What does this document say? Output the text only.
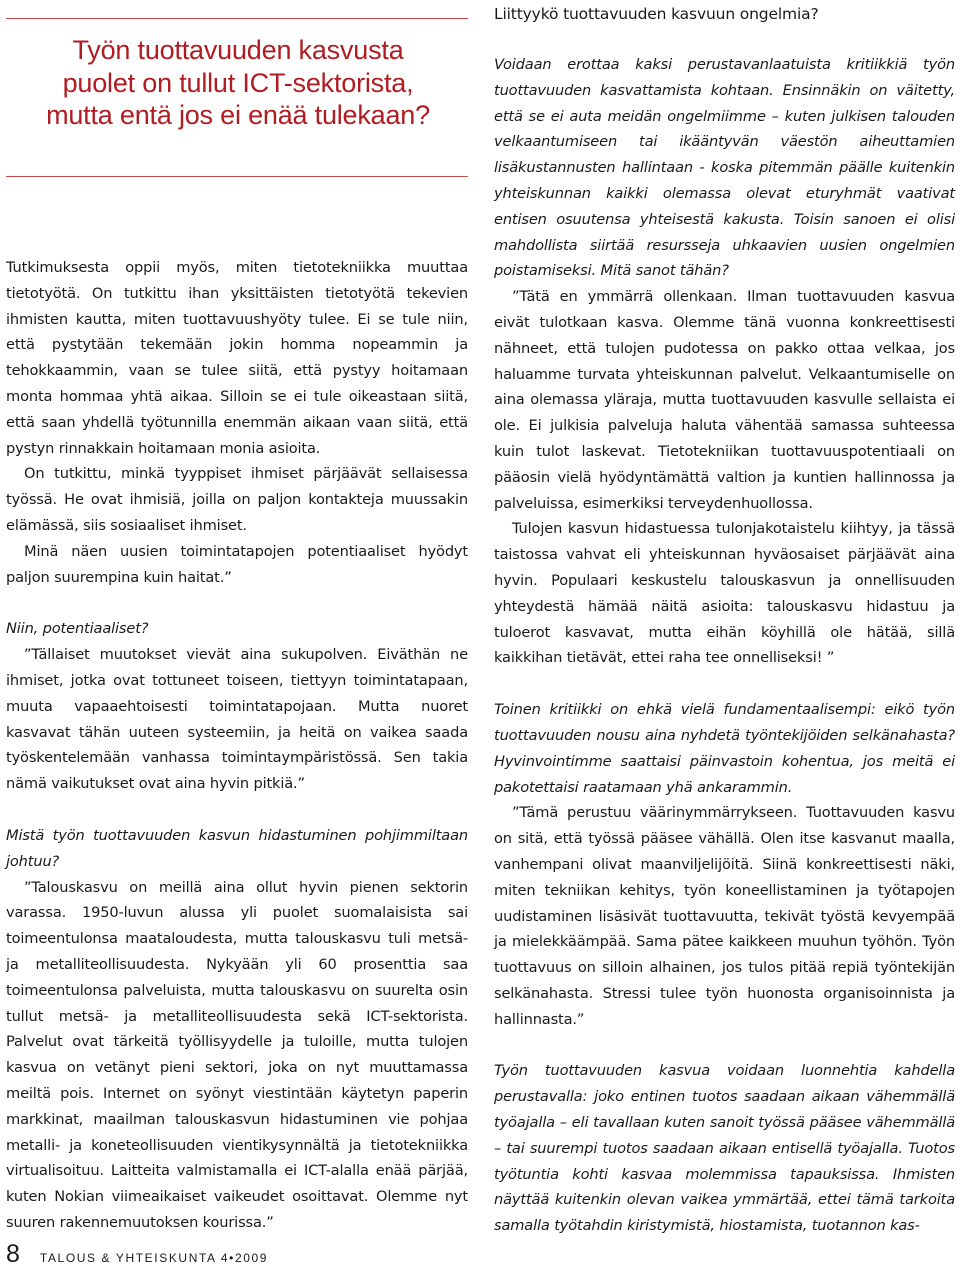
Työn tuottavuuden kasvusta puolet on tullut ICT-sektorista, mutta entä jos ei enää tulekaan?

Tutkimuksesta oppii myös, miten tietotekniikka muuttaa tietotyötä. On tutkittu ihan yksittäisten tietotyötä tekevien ihmisten kautta, miten tuottavuushyöty tulee. Ei se tule niin, että pystytään tekemään jokin homma nopeammin ja tehokkaammin, vaan se tulee siitä, että pystyy hoitamaan monta hommaa yhtä aikaa. Silloin se ei tule oikeastaan siitä, että saan yhdellä työtunnilla enemmän aikaan vaan siitä, että pystyn rinnakkain hoitamaan monia asioita.

On tutkittu, minkä tyyppiset ihmiset pärjäävät sellaisessa työssä. He ovat ihmisiä, joilla on paljon kontakteja muussakin elämässä, siis sosiaaliset ihmiset.

Minä näen uusien toimintatapojen potentiaaliset hyödyt paljon suurempina kuin haitat.”

Niin, potentiaaliset?

”Tällaiset muutokset vievät aina sukupolven. Eiväthän ne ihmiset, jotka ovat tottuneet toiseen, tiettyyn toimintatapaan, muuta vapaaehtoisesti toimintatapojaan. Mutta nuoret kasvavat tähän uuteen systeemiin, ja heitä on vaikea saada työskentelemään vanhassa toimintaympäristössä. Sen takia nämä vaikutukset ovat aina hyvin pitkiä.”

Mistä työn tuottavuuden kasvun hidastuminen pohjimmiltaan johtuu?

”Talouskasvu on meillä aina ollut hyvin pienen sektorin varassa. 1950-luvun alussa yli puolet suomalaisista sai toimeentulonsa maataloudesta, mutta talouskasvu tuli metsä- ja metalliteollisuudesta. Nykyään yli 60 prosenttia saa toimeentulonsa palveluista, mutta talouskasvu on suurelta osin tullut metsä- ja metalliteollisuudesta sekä ICT-sektorista. Palvelut ovat tärkeitä työllisyydelle ja tuloille, mutta tulojen kasvua on vetänyt pieni sektori, joka on nyt muuttamassa meiltä pois. Internet on syönyt viestintään käytetyn paperin markkinat, maailman talouskasvun hidastuminen vie pohjaa metalli- ja koneteollisuuden vientikysynnältä ja tietotekniikka virtualisoituu. Laitteita valmistamalla ei ICT-alalla enää pärjää, kuten Nokian viimeaikaiset vaikeudet osoittavat. Olemme nyt suuren rakennemuutoksen kourissa.”

Liittyykö tuottavuuden kasvuun ongelmia?

Voidaan erottaa kaksi perustavanlaatuista kritiikkiä työn tuottavuuden kasvattamista kohtaan. Ensinnäkin on väitetty, että se ei auta meidän ongelmiimme – kuten julkisen talouden velkaantumiseen tai ikääntyvän väestön aiheuttamien lisäkustannusten hallintaan - koska pitemmän päälle kuitenkin yhteiskunnan kaikki olemassa olevat eturyhmät vaativat entisen osuutensa yhteisestä kakusta. Toisin sanoen ei olisi mahdollista siirtää resursseja uhkaavien uusien ongelmien poistamiseksi. Mitä sanot tähän?

”Tätä en ymmärrä ollenkaan. Ilman tuottavuuden kasvua eivät tulotkaan kasva. Olemme tänä vuonna konkreettisesti nähneet, että tulojen pudotessa on pakko ottaa velkaa, jos haluamme turvata yhteiskunnan palvelut. Velkaantumiselle on aina olemassa yläraja, mutta tuottavuuden kasvulle sellaista ei ole. Ei julkisia palveluja haluta vähentää samassa suhteessa kuin tulot laskevat. Tietotekniikan tuottavuuspotentiaali on pääosin vielä hyödyntämättä valtion ja kuntien hallinnossa ja palveluissa, esimerkiksi terveydenhuollossa.

Tulojen kasvun hidastuessa tulonjakotaistelu kiihtyy, ja tässä taistossa vahvat eli yhteiskunnan hyväosaiset pärjäävät aina hyvin. Populaari keskustelu talouskasvun ja onnellisuuden yhteydestä hämää näitä asioita: talouskasvu hidastuu ja tuloerot kasvavat, mutta eihän köyhillä ole hätää, sillä kaikkihan tietävät, ettei raha tee onnelliseksi! ”

Toinen kritiikki on ehkä vielä fundamentaalisempi: eikö työn tuottavuuden nousu aina nyhdetä työntekijöiden selkänahasta? Hyvinvointimme saattaisi päinvastoin kohentua, jos meitä ei pakotettaisi raatamaan yhä ankarammin.

”Tämä perustuu väärinymmärrykseen. Tuottavuuden kasvu on sitä, että työssä pääsee vähällä. Olen itse kasvanut maalla, vanhempani olivat maanviljelijöitä. Siinä konkreettisesti näki, miten tekniikan kehitys, työn koneellistaminen ja työtapojen uudistaminen lisäsivät tuottavuutta, tekivät työstä kevyempää ja mielekkäämpää. Sama pätee kaikkeen muuhun työhön. Työn tuottavuus on silloin alhainen, jos tulos pitää repiä työntekijän selkänahasta. Stressi tulee työn huonosta organisoinnista ja hallinnasta.”

Työn tuottavuuden kasvua voidaan luonnehtia kahdella perustavalla: joko entinen tuotos saadaan aikaan vähemmällä työajalla – eli tavallaan kuten sanoit työssä pääsee vähemmällä – tai suurempi tuotos saadaan aikaan entisellä työajalla. Tuotos työtuntia kohti kasvaa molemmissa tapauksissa. Ihmisten näyttää kuitenkin olevan vaikea ymmärtää, ettei tämä tarkoita samalla työtahdin kiristymistä, hiostamista, tuotannon kas-

8 TALOUS & YHTEISKUNTA 4•2009
